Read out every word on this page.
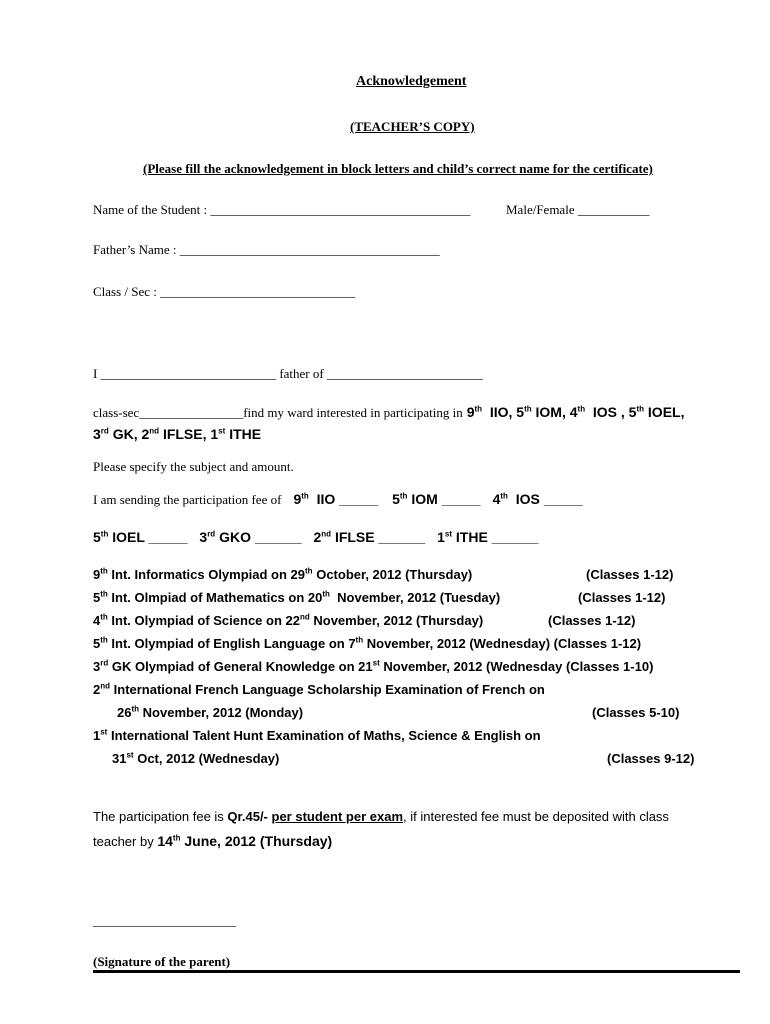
Acknowledgement
(TEACHER’S COPY)
(Please fill the acknowledgement in block letters and child’s correct name for the certificate)
Name of the Student : ________________________________________	Male/Female ___________
Father’s Name : ________________________________________
Class / Sec : ______________________________
I ___________________________ father of ________________________
class-sec________________find my ward interested in participating in 9th IIO, 5th IOM, 4th IOS , 5th IOEL,
3rd GK, 2nd IFLSE, 1st ITHE
Please specify the subject and amount.
I am sending the participation fee of 9th IIO _____ 5th IOM _____ 4th IOS _____
5th IOEL _____ 3rd GKO ______ 2nd IFLSE ______ 1st ITHE ______
9th Int. Informatics Olympiad on 29th October, 2012 (Thursday)	(Classes 1-12)
5th Int. Olmpiad of Mathematics on 20th November, 2012 (Tuesday)	(Classes 1-12)
4th Int. Olympiad of Science on 22nd November, 2012 (Thursday)	(Classes 1-12)
5th Int. Olympiad of English Language on 7th November, 2012 (Wednesday) (Classes 1-12)
3rd GK Olympiad of General Knowledge on 21st November, 2012 (Wednesday (Classes 1-10)
2nd International French Language Scholarship Examination of French on
26th November, 2012 (Monday)	(Classes 5-10)
1st International Talent Hunt Examination of Maths, Science & English on
31st Oct, 2012 (Wednesday)	(Classes 9-12)
The participation fee is Qr.45/- per student per exam, if interested fee must be deposited with class
teacher by 14th June, 2012 (Thursday)
______________________
(Signature of the parent)
